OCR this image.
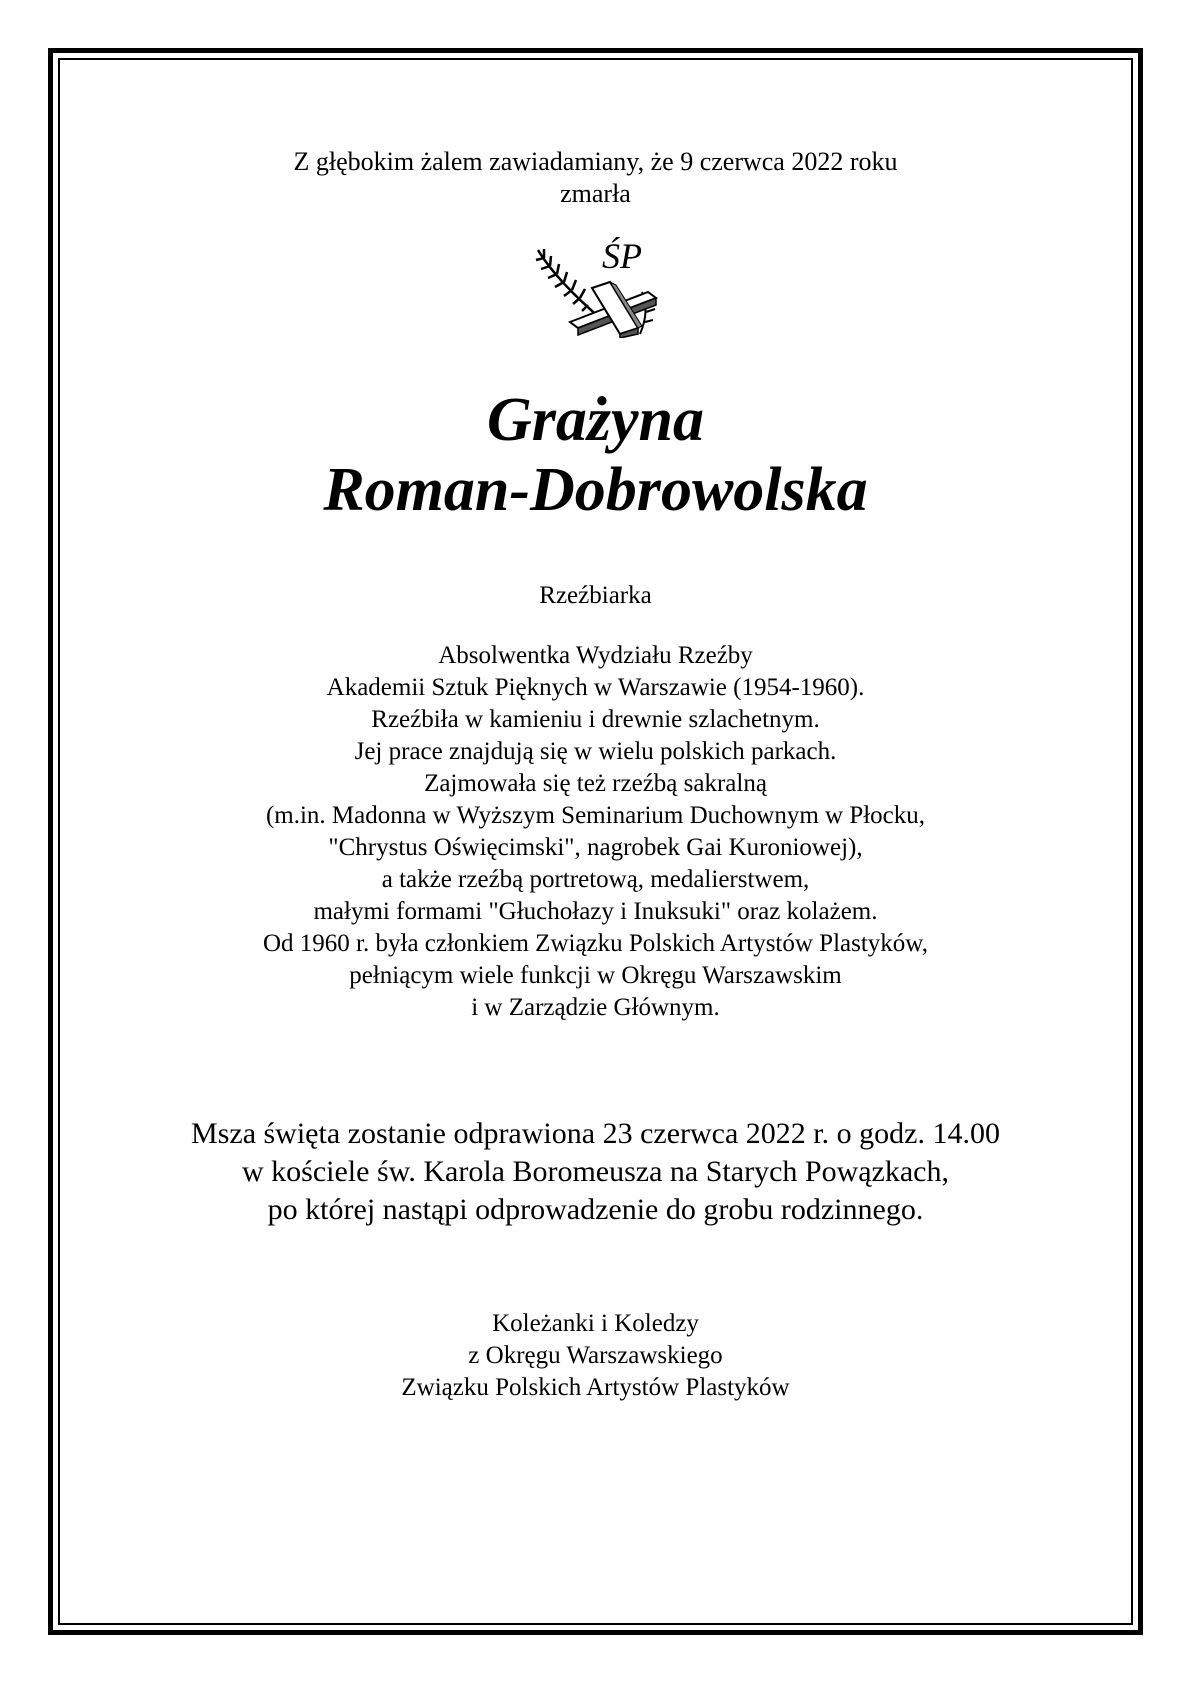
Z głębokim żalem zawiadamiany, że 9 czerwca 2022 roku
zmarła
ŚP
Grażyna
Roman-Dobrowolska
Rzeźbiarka
Absolwentka Wydziału Rzeźby
Akademii Sztuk Pięknych w Warszawie (1954-1960).
Rzeźbiła w kamieniu i drewnie szlachetnym.
Jej prace znajdują się w wielu polskich parkach.
Zajmowała się też rzeźbą sakralną
(m.in. Madonna w Wyższym Seminarium Duchownym w Płocku,
"Chrystus Oświęcimski", nagrobek Gai Kuroniowej),
a także rzeźbą portretową, medalierstwem,
małymi formami "Głuchołazy i Inuksuki" oraz kolażem.
Od 1960 r. była członkiem Związku Polskich Artystów Plastyków,
pełniącym wiele funkcji w Okręgu Warszawskim
i w Zarządzie Głównym.
Msza święta zostanie odprawiona 23 czerwca 2022 r. o godz. 14.00
w kościele św. Karola Boromeusza na Starych Powązkach,
po której nastąpi odprowadzenie do grobu rodzinnego.
Koleżanki i Koledzy
z Okręgu Warszawskiego
Związku Polskich Artystów Plastyków
